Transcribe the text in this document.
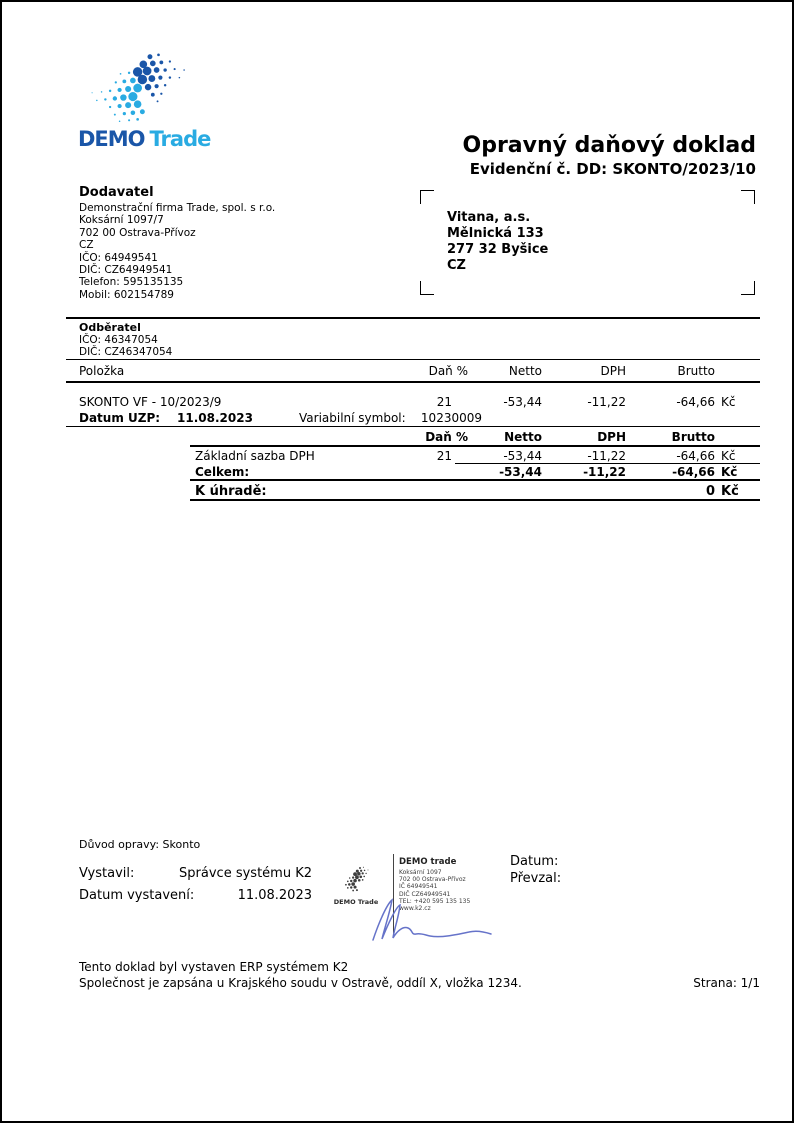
DEMO Trade	Opravný daňový doklad
Evidenční č. DD: SKONTO/2023/10
Dodavatel
Demonstrační firma Trade, spol. s r.o.
Koksární 1097/7
702 00 Ostrava-Přívoz
CZ
IČO: 64949541
DIČ: CZ64949541
Telefon: 595135135
Mobil: 602154789
Vitana, a.s.
Mělnická 133
277 32 Byšice
CZ
Odběratel
IČO: 46347054
DIČ: CZ46347054
Položka	Daň %	Netto	DPH	Brutto
SKONTO VF - 10/2023/9	21	-53,44	-11,22	-64,66 Kč
Datum UZP: 11.08.2023	Variabilní symbol:	10230009
Daň %	Netto	DPH	Brutto
Základní sazba DPH	21	-53,44	-11,22	-64,66 Kč
Celkem:	-53,44	-11,22	-64,66 Kč
K úhradě:	0 Kč
Důvod opravy: Skonto
Vystavil:	Správce systému K2
Datum vystavení:	11.08.2023
Datum:
Převzal:
DEMO Trade
DEMO trade
Koksární 1097
702 00 Ostrava-Přívoz
IČ 64949541
DIČ CZ64949541
TEL: +420 595 135 135
www.k2.cz
Tento doklad byl vystaven ERP systémem K2
Společnost je zapsána u Krajského soudu v Ostravě, oddíl X, vložka 1234.	Strana: 1/1
